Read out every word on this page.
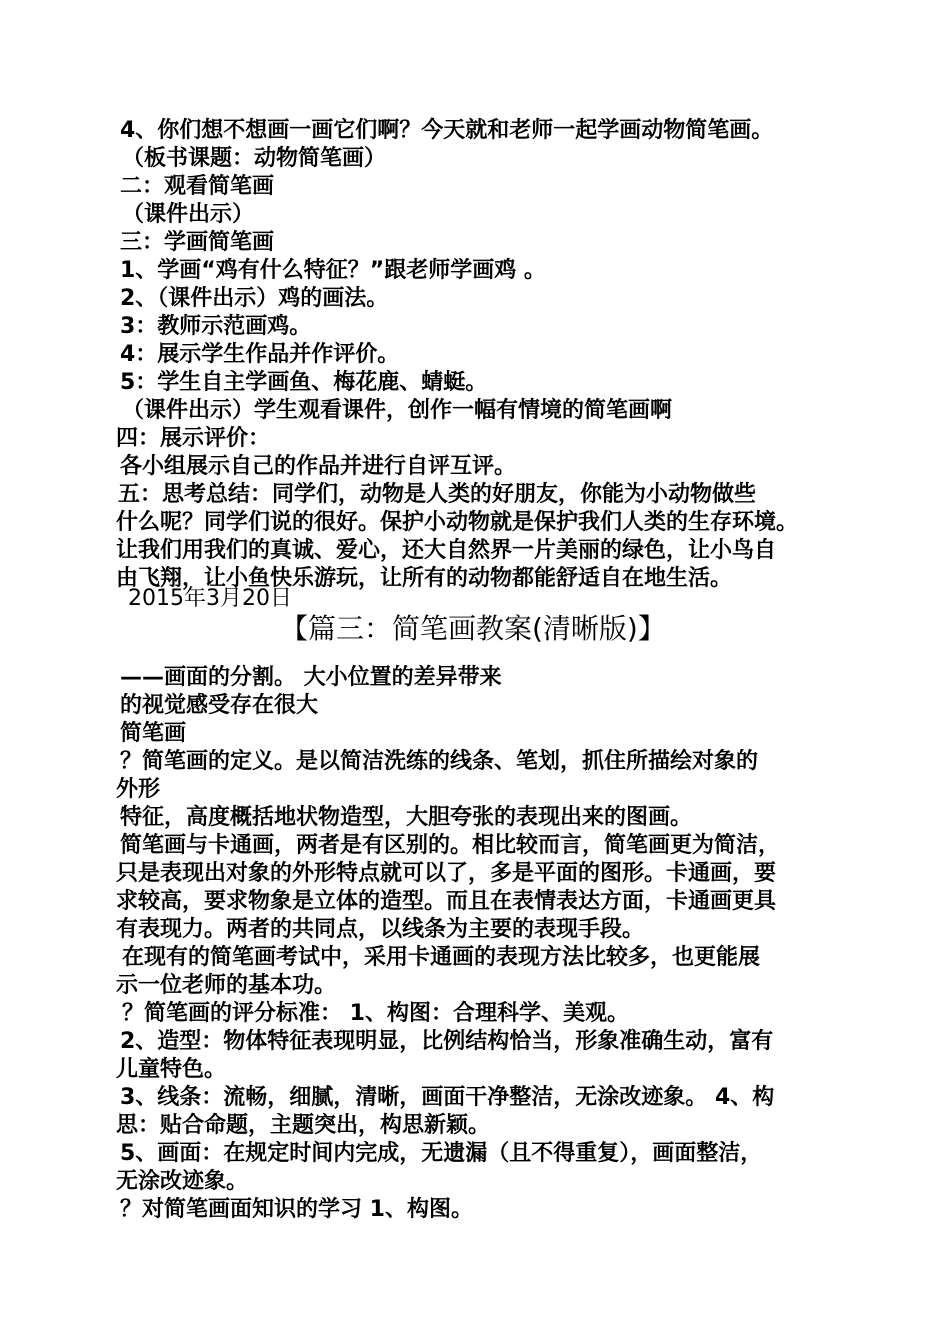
4、你们想不想画一画它们啊？今天就和老师一起学画动物简笔画。
（板书课题：动物简笔画）
二：观看简笔画
（课件出示）
三：学画简笔画
1、学画“鸡有什么特征？”跟老师学画鸡 。
2、（课件出示）鸡的画法。
3：教师示范画鸡。
4：展示学生作品并作评价。
5：学生自主学画鱼、梅花鹿、蜻蜓。
（课件出示）学生观看课件，创作一幅有情境的简笔画啊
四：展示评价：
各小组展示自己的作品并进行自评互评。
五：思考总结：同学们，动物是人类的好朋友，你能为小动物做些
什么呢？同学们说的很好。保护小动物就是保护我们人类的生存环境。
让我们用我们的真诚、爱心，还大自然界一片美丽的绿色，让小鸟自
由飞翔，让小鱼快乐游玩，让所有的动物都能舒适自在地生活。
2015年3月20日
【篇三：简笔画教案(清晰版)】
——画面的分割。 大小位置的差异带来
的视觉感受存在很大
简笔画
？简笔画的定义。是以简洁洗练的线条、笔划，抓住所描绘对象的
外形
特征，高度概括地状物造型，大胆夸张的表现出来的图画。
简笔画与卡通画，两者是有区别的。相比较而言，简笔画更为简洁，
只是表现出对象的外形特点就可以了，多是平面的图形。卡通画，要
求较高，要求物象是立体的造型。而且在表情表达方面，卡通画更具
有表现力。两者的共同点，以线条为主要的表现手段。
在现有的简笔画考试中，采用卡通画的表现方法比较多，也更能展
示一位老师的基本功。
？简笔画的评分标准： 1、构图：合理科学、美观。
2、造型：物体特征表现明显，比例结构恰当，形象准确生动，富有
儿童特色。
3、线条：流畅，细腻，清晰，画面干净整洁，无涂改迹象。 4、构
思：贴合命题，主题突出，构思新颖。
5、画面：在规定时间内完成，无遗漏（且不得重复），画面整洁，
无涂改迹象。
？对简笔画面知识的学习 1、构图。
